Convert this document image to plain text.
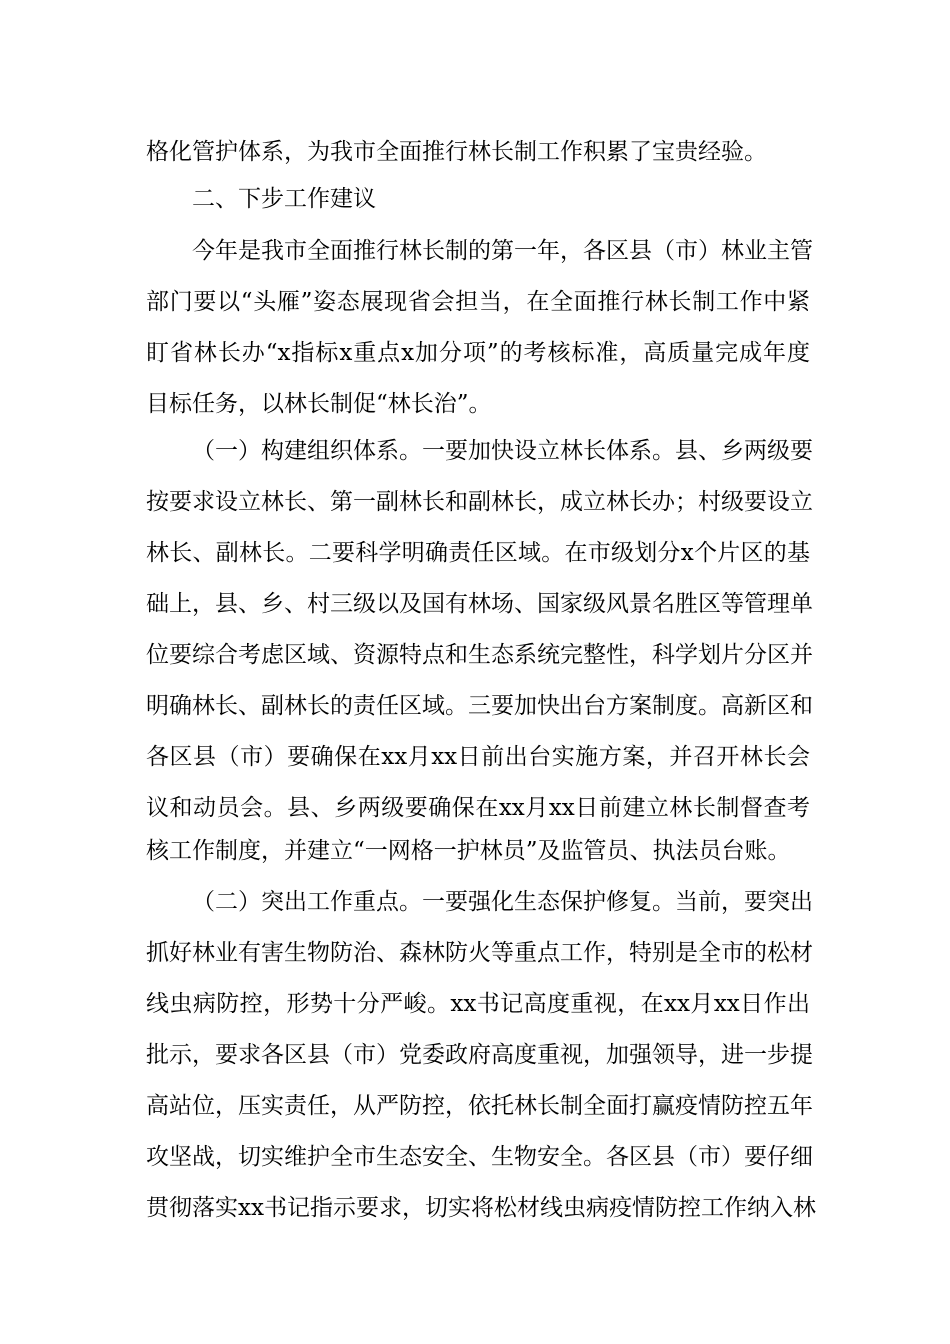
格化管护体系，为我市全面推行林长制工作积累了宝贵经验。
二、下步工作建议
今年是我市全面推行林长制的第一年，各区县（市）林业主管
部门要以“头雁”姿态展现省会担当，在全面推行林长制工作中紧
盯省林长办“x指标x重点x加分项”的考核标准，高质量完成年度
目标任务，以林长制促“林长治”。
（一）构建组织体系。一要加快设立林长体系。县、乡两级要
按要求设立林长、第一副林长和副林长，成立林长办；村级要设立
林长、副林长。二要科学明确责任区域。在市级划分x个片区的基
础上，县、乡、村三级以及国有林场、国家级风景名胜区等管理单
位要综合考虑区域、资源特点和生态系统完整性，科学划片分区并
明确林长、副林长的责任区域。三要加快出台方案制度。高新区和
各区县（市）要确保在xx月xx日前出台实施方案，并召开林长会
议和动员会。县、乡两级要确保在xx月xx日前建立林长制督查考
核工作制度，并建立“一网格一护林员”及监管员、执法员台账。
（二）突出工作重点。一要强化生态保护修复。当前，要突出
抓好林业有害生物防治、森林防火等重点工作，特别是全市的松材
线虫病防控，形势十分严峻。xx书记高度重视，在xx月xx日作出
批示，要求各区县（市）党委政府高度重视，加强领导，进一步提
高站位，压实责任，从严防控，依托林长制全面打赢疫情防控五年
攻坚战，切实维护全市生态安全、生物安全。各区县（市）要仔细
贯彻落实xx书记指示要求，切实将松材线虫病疫情防控工作纳入林
